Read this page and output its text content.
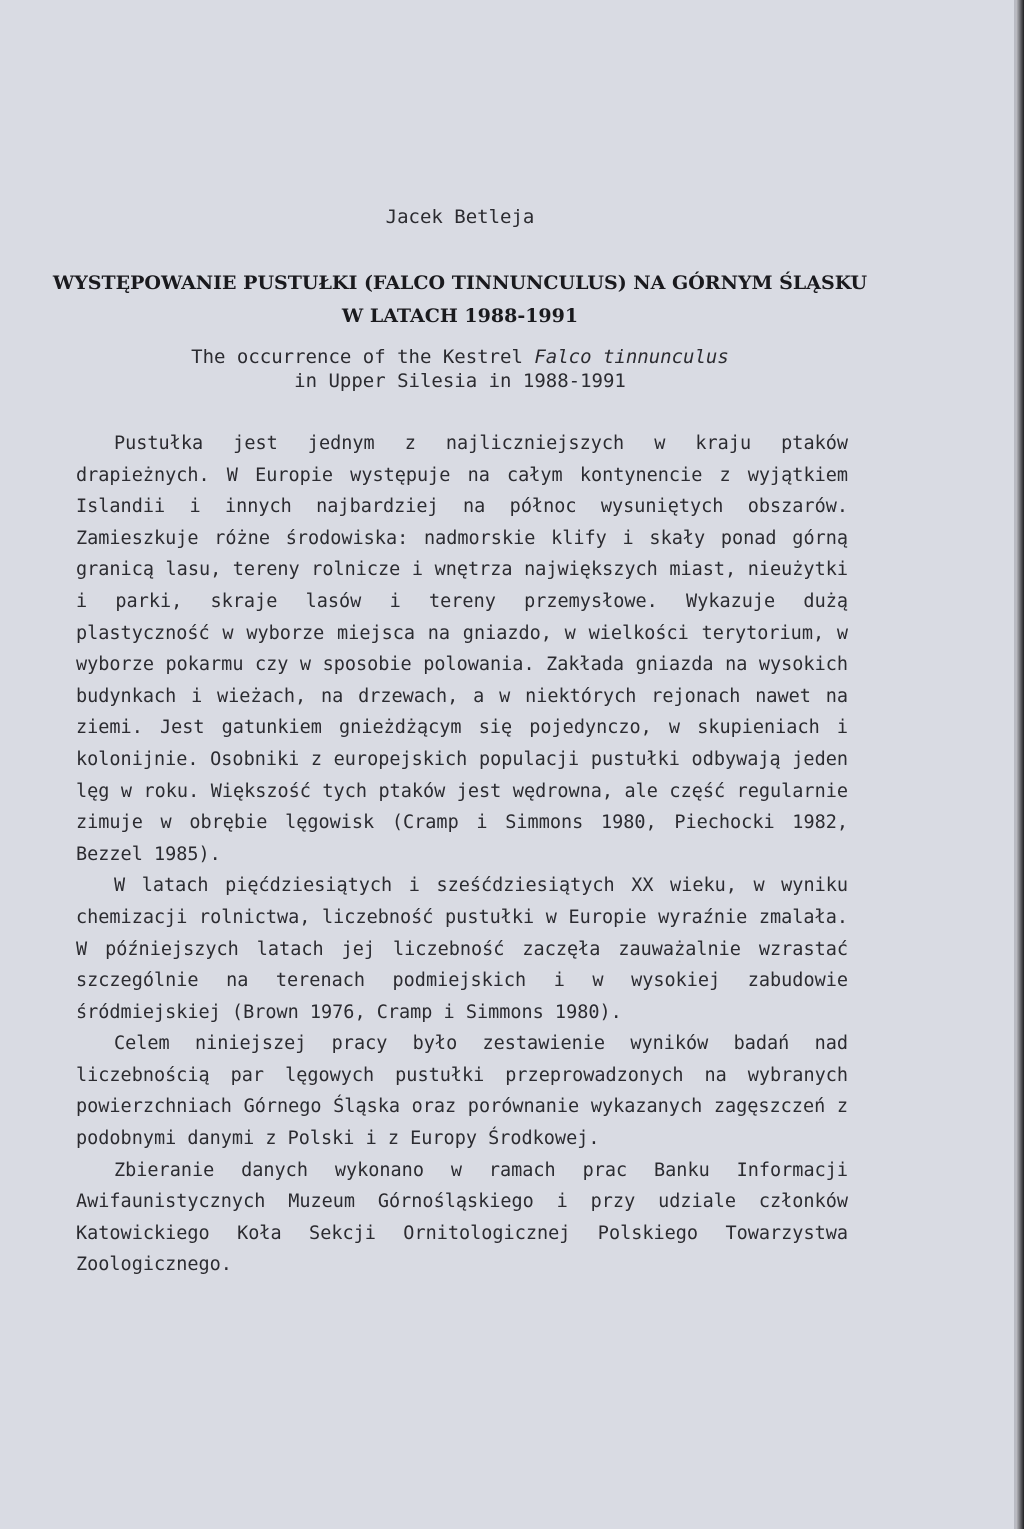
Jacek Betleja
WYSTĘPOWANIE PUSTUŁKI (FALCO TINNUNCULUS) NA GÓRNYM ŚLĄSKU
W LATACH 1988-1991
The occurrence of the Kestrel Falco tinnunculus
in Upper Silesia in 1988-1991

Pustułka jest jednym z najliczniejszych w kraju ptaków drapieżnych. W Europie występuje na całym kontynencie z wyjątkiem Islandii i innych najbardziej na północ wysuniętych obszarów. Zamieszkuje różne środowiska: nadmorskie klify i skały ponad górną granicą lasu, tereny rolnicze i wnętrza największych miast, nieużytki i parki, skraje lasów i tereny przemysłowe. Wykazuje dużą plastyczność w wyborze miejsca na gniazdo, w wielkości terytorium, w wyborze pokarmu czy w sposobie polowania. Zakłada gniazda na wysokich budynkach i wieżach, na drzewach, a w niektórych rejonach nawet na ziemi. Jest gatunkiem gnieżdżącym się pojedynczo, w skupieniach i kolonijnie. Osobniki z europejskich populacji pustułki odbywają jeden lęg w roku. Większość tych ptaków jest wędrowna, ale część regularnie zimuje w obrębie lęgowisk (Cramp i Simmons 1980, Piechocki 1982, Bezzel 1985).

W latach pięćdziesiątych i sześćdziesiątych XX wieku, w wyniku chemizacji rolnictwa, liczebność pustułki w Europie wyraźnie zmalała. W późniejszych latach jej liczebność zaczęła zauważalnie wzrastać szczególnie na terenach podmiejskich i w wysokiej zabudowie śródmiejskiej (Brown 1976, Cramp i Simmons 1980).

Celem niniejszej pracy było zestawienie wyników badań nad liczebnością par lęgowych pustułki przeprowadzonych na wybranych powierzchniach Górnego Śląska oraz porównanie wykazanych zagęszczeń z podobnymi danymi z Polski i z Europy Środkowej.

Zbieranie danych wykonano w ramach prac Banku Informacji Awifaunistycznych Muzeum Górnośląskiego i przy udziale członków Katowickiego Koła Sekcji Ornitologicznej Polskiego Towarzystwa Zoologicznego.
